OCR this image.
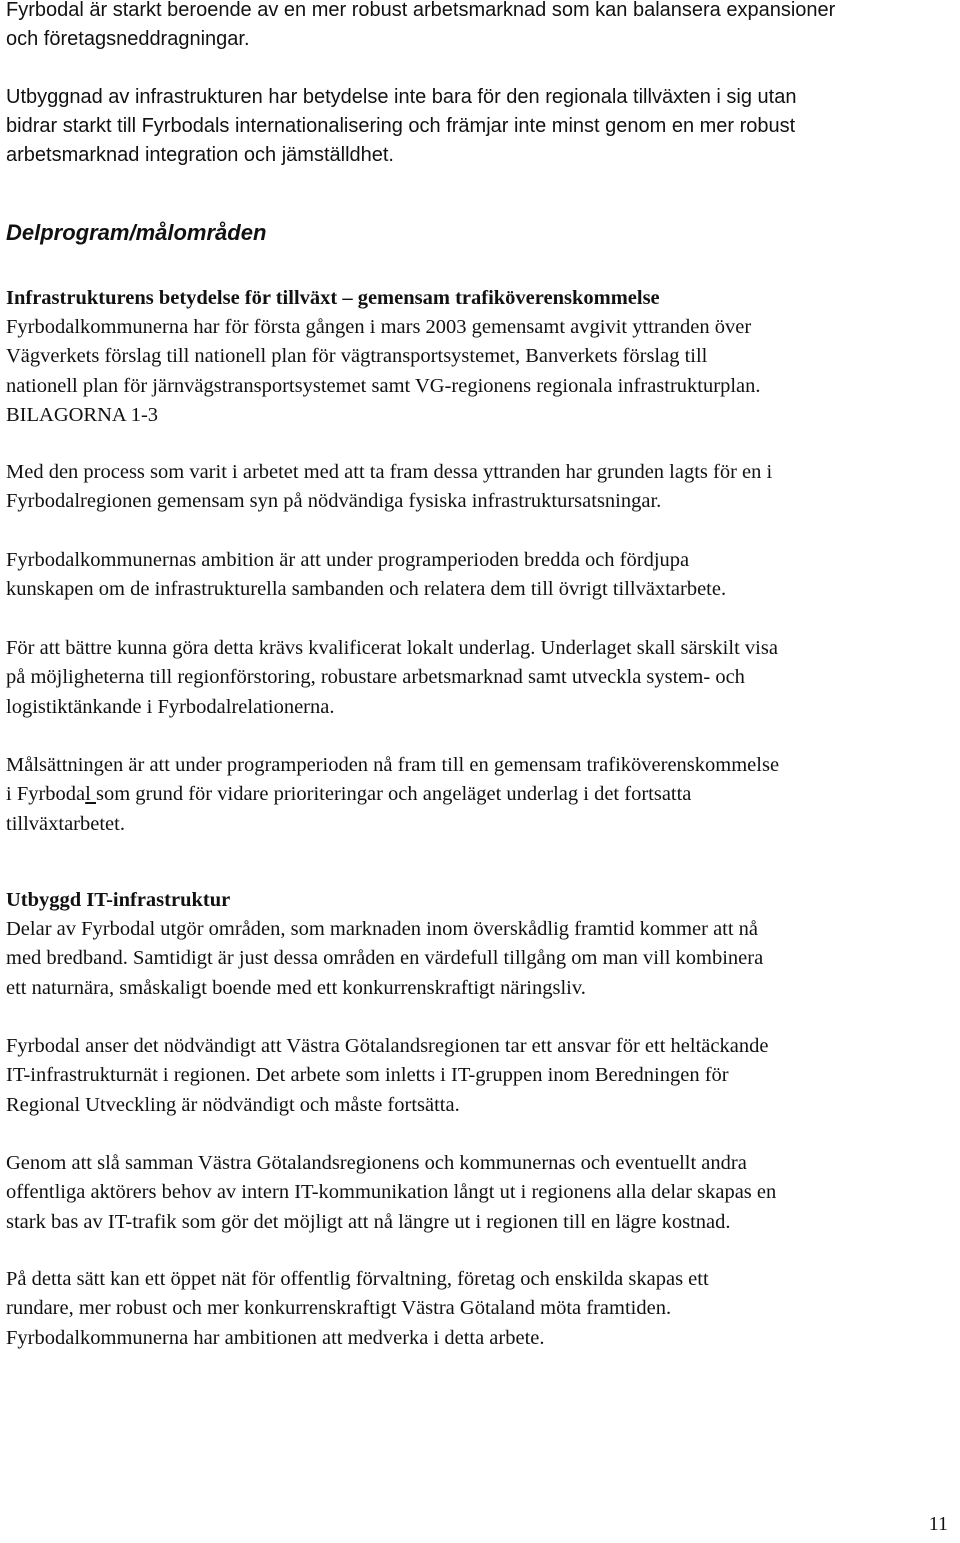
Fyrbodal är starkt beroende av en mer robust arbetsmarknad som kan balansera expansioner
och företagsneddragningar.

Utbyggnad av infrastrukturen har betydelse inte bara för den regionala tillväxten i sig utan
bidrar starkt till Fyrbodals internationalisering och främjar inte minst genom en mer robust
arbetsmarknad integration och jämställdhet.

Delprogram/målområden
Infrastrukturens betydelse för tillväxt – gemensam trafiköverenskommelse

Fyrbodalkommunerna har för första gången i mars 2003 gemensamt avgivit yttranden över
Vägverkets förslag till nationell plan för vägtransportsystemet, Banverkets förslag till
nationell plan för järnvägstransportsystemet samt VG-regionens regionala infrastrukturplan.
BILAGORNA 1-3

Med den process som varit i arbetet med att ta fram dessa yttranden har grunden lagts för en i
Fyrbodalregionen gemensam syn på nödvändiga fysiska infrastruktursatsningar.

Fyrbodalkommunernas ambition är att under programperioden bredda och fördjupa
kunskapen om de infrastrukturella sambanden och relatera dem till övrigt tillväxtarbete.

För att bättre kunna göra detta krävs kvalificerat lokalt underlag. Underlaget skall särskilt visa
på möjligheterna till regionförstoring, robustare arbetsmarknad samt utveckla system- och
logistiktänkande i Fyrbodalrelationerna.

Målsättningen är att under programperioden nå fram till en gemensam trafiköverenskommelse
i Fyrbodal som grund för vidare prioriteringar och angeläget underlag i det fortsatta
tillväxtarbetet.

Utbyggd IT-infrastruktur

Delar av Fyrbodal utgör områden, som marknaden inom överskådlig framtid kommer att nå
med bredband. Samtidigt är just dessa områden en värdefull tillgång om man vill kombinera
ett naturnära, småskaligt boende med ett konkurrenskraftigt näringsliv.

Fyrbodal anser det nödvändigt att Västra Götalandsregionen tar ett ansvar för ett heltäckande
IT-infrastrukturnät i regionen. Det arbete som inletts i IT-gruppen inom Beredningen för
Regional Utveckling är nödvändigt och måste fortsätta.

Genom att slå samman Västra Götalandsregionens och kommunernas och eventuellt andra
offentliga aktörers behov av intern IT-kommunikation långt ut i regionens alla delar skapas en
stark bas av IT-trafik som gör det möjligt att nå längre ut i regionen till en lägre kostnad.

På detta sätt kan ett öppet nät för offentlig förvaltning, företag och enskilda skapas ett
rundare, mer robust och mer konkurrenskraftigt Västra Götaland möta framtiden.
Fyrbodalkommunerna har ambitionen att medverka i detta arbete.

11
